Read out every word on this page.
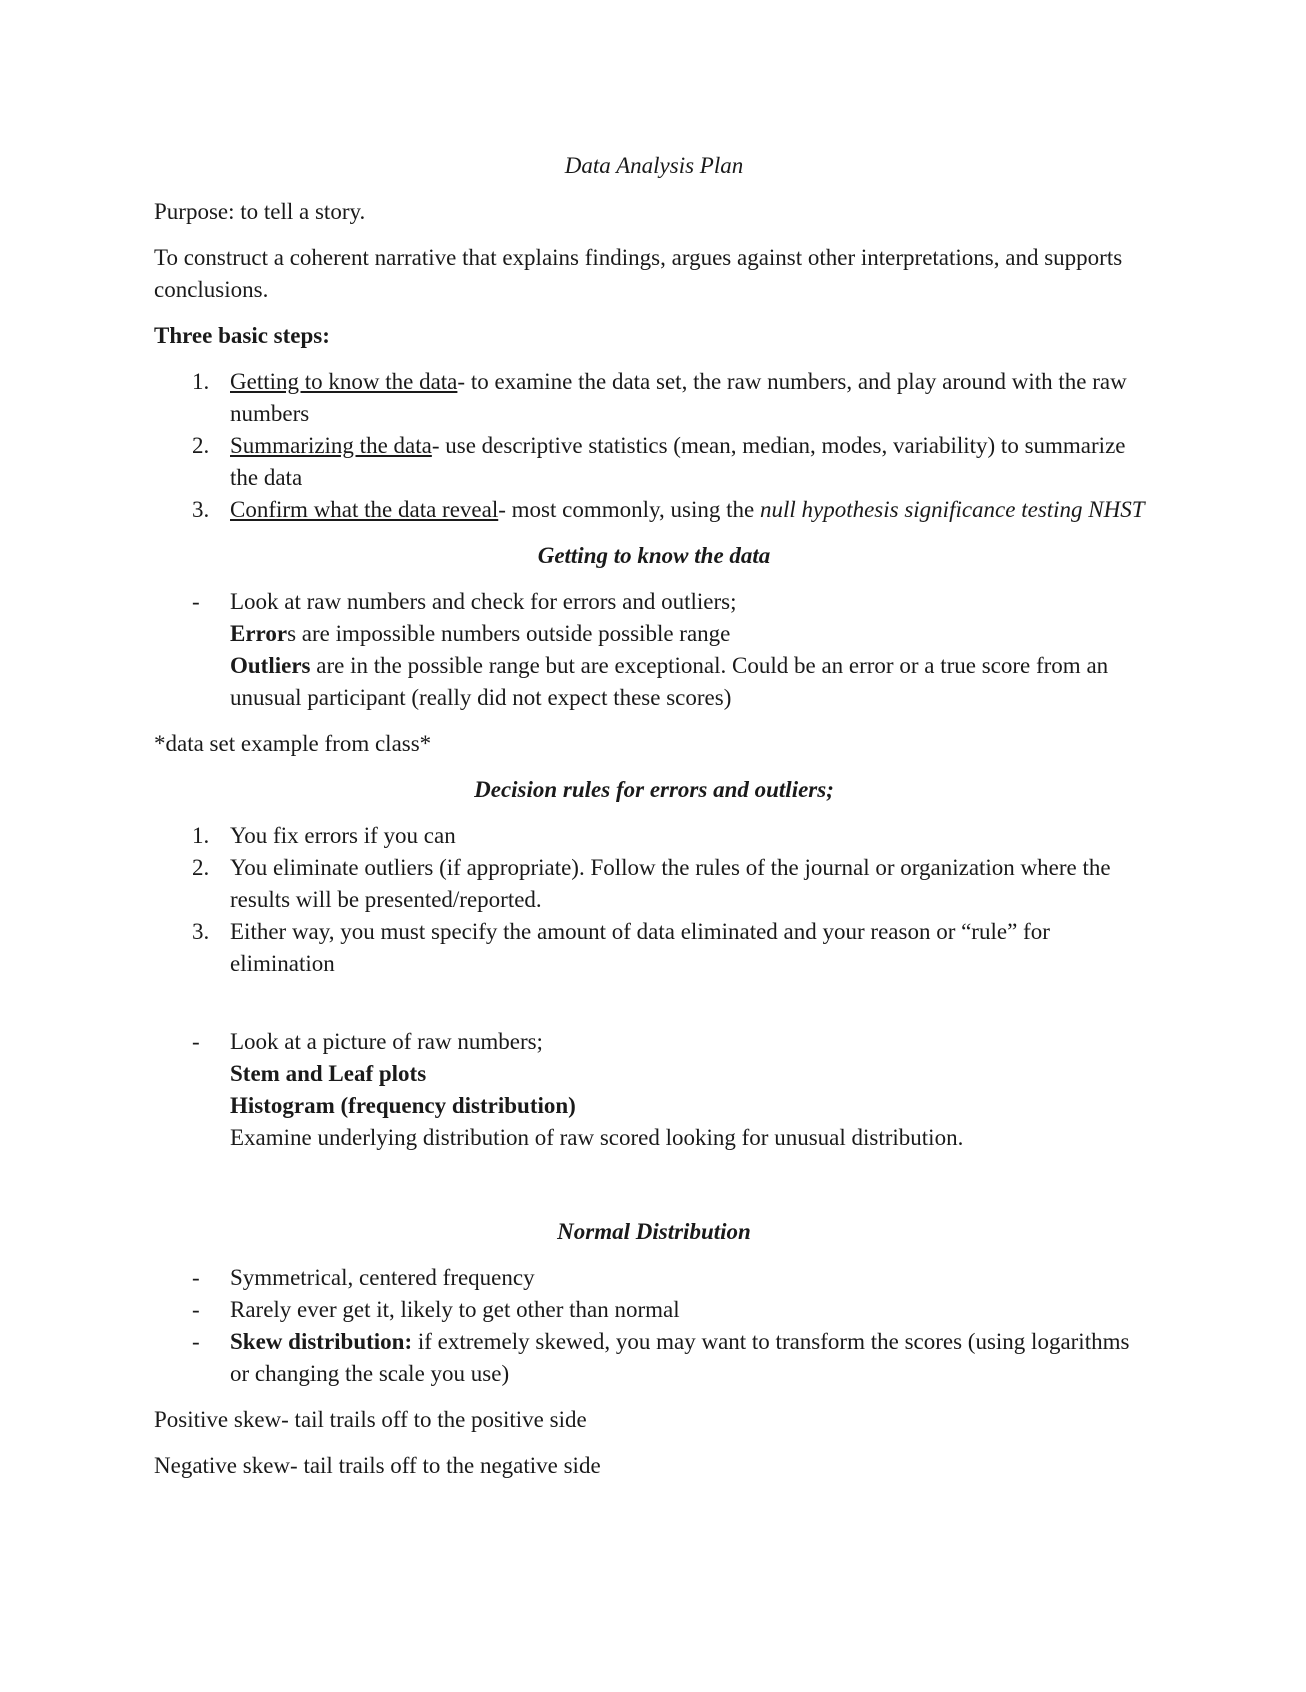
Data Analysis Plan

Purpose: to tell a story.

To construct a coherent narrative that explains findings, argues against other interpretations, and supports conclusions.

Three basic steps:

1. Getting to know the data- to examine the data set, the raw numbers, and play around with the raw numbers
2. Summarizing the data- use descriptive statistics (mean, median, modes, variability) to summarize the data
3. Confirm what the data reveal- most commonly, using the null hypothesis significance testing NHST

Getting to know the data

- Look at raw numbers and check for errors and outliers;
Errors are impossible numbers outside possible range
Outliers are in the possible range but are exceptional. Could be an error or a true score from an unusual participant (really did not expect these scores)

*data set example from class*

Decision rules for errors and outliers;

1. You fix errors if you can
2. You eliminate outliers (if appropriate). Follow the rules of the journal or organization where the results will be presented/reported.
3. Either way, you must specify the amount of data eliminated and your reason or “rule” for elimination
- Look at a picture of raw numbers;
Stem and Leaf plots
Histogram (frequency distribution)
Examine underlying distribution of raw scored looking for unusual distribution.

Normal Distribution

- Symmetrical, centered frequency
- Rarely ever get it, likely to get other than normal
- Skew distribution: if extremely skewed, you may want to transform the scores (using logarithms or changing the scale you use)

Positive skew- tail trails off to the positive side

Negative skew- tail trails off to the negative side
